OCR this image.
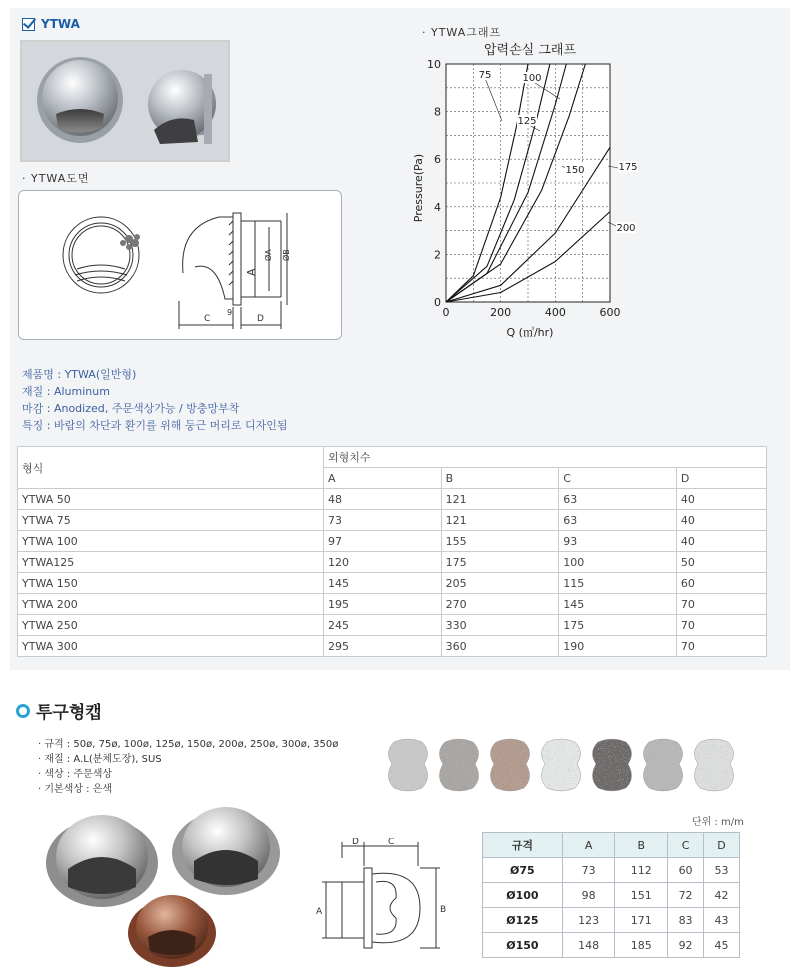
YTWA
· YTWA도면
C	D
9
A
ØA ØB
· YTWA그래프
압력손실 그래프
0
2
4
6
8
10
0	200	400	600
75	100
125
150	175
200
Pressure(Pa)
Q (㎥/hr)
제품명 : YTWA(일반형)
재질 : Aluminum
마감 : Anodized, 주문색상가능 / 방충망부착
특징 : 바람의 차단과 환기를 위해 둥근 머리로 디자인됨
형식	외형치수			
	A	B	C	D
YTWA 50	48	121	63	40
YTWA 75	73	121	63	40
YTWA 100	97	155	93	40
YTWA125	120	175	100	50
YTWA 150	145	205	115	60
YTWA 200	195	270	145	70
YTWA 250	245	330	175	70
YTWA 300	295	360	190	70
투구형캡
· 규격 : 50ø, 75ø, 100ø, 125ø, 150ø, 200ø, 250ø, 300ø, 350ø
· 재질 : A.L(분체도장), SUS
· 색상 : 주문색상
· 기본색상 : 은색
D	C
A	B
단위 : m/m
규격	A	B	C	D
Ø75	73	112	60	53
Ø100	98	151	72	42
Ø125	123	171	83	43
Ø150	148	185	92	45
